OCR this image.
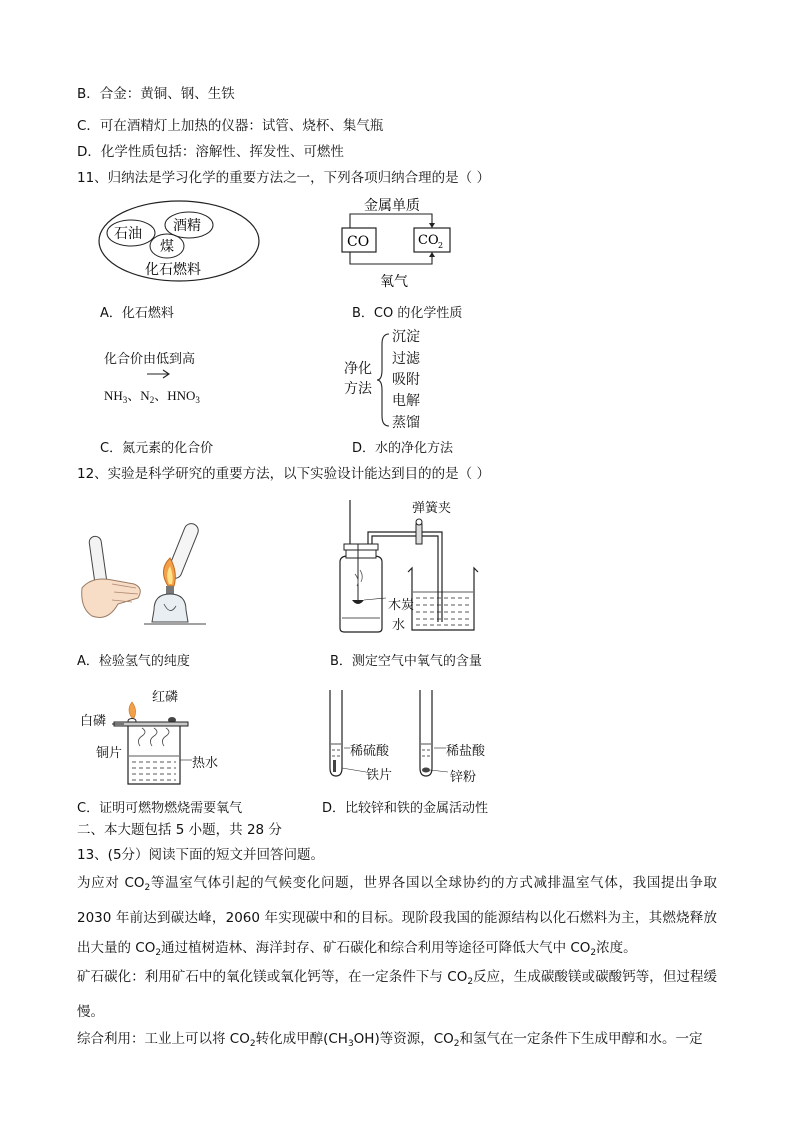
B．合金：黄铜、钢、生铁
C．可在酒精灯上加热的仪器：试管、烧杯、集气瓶
D．化学性质包括：溶解性、挥发性、可燃性
11、归纳法是学习化学的重要方法之一，下列各项归纳合理的是（ ）
石油 酒精
煤
化石燃料
A．化石燃料
金属单质
氧气
CO	CO 2
B．CO 的化学性质
化合价由低到高
$NH_3$、$N_2$、$HNO_3$
C．氮元素的化合价
净化
方法
沉淀
过滤
吸附
电解
蒸馏
D．水的净化方法
12、实验是科学研究的重要方法，以下实验设计能达到目的的是（ ）
A．检验氢气的纯度
弹簧夹
木炭
水
B．测定空气中氧气的含量
红磷
白磷
铜片
热水
C．证明可燃物燃烧需要氧气
稀硫酸
铁片
稀盐酸
锌粉
D．比较锌和铁的金属活动性
二、本大题包括 5 小题，共 28 分
13、(5分）阅读下面的短文并回答问题。

为应对 $CO_2$等温室气体引起的气候变化问题，世界各国以全球协约的方式减排温室气体，我国提出争取 2030 年前达到碳达峰，2060 年实现碳中和的目标。现阶段我国的能源结构以化石燃料为主，其燃烧释放出大量的 $CO_2$通过植树造林、海洋封存、矿石碳化和综合利用等途径可降低大气中 $CO_2$浓度。

矿石碳化：利用矿石中的氧化镁或氧化钙等，在一定条件下与 $CO_2$反应，生成碳酸镁或碳酸钙等，但过程缓慢。

综合利用：工业上可以将 $CO_2$转化成甲醇$(CH_3OH)$等资源，$CO_2$和氢气在一定条件下生成甲醇和水。一定
